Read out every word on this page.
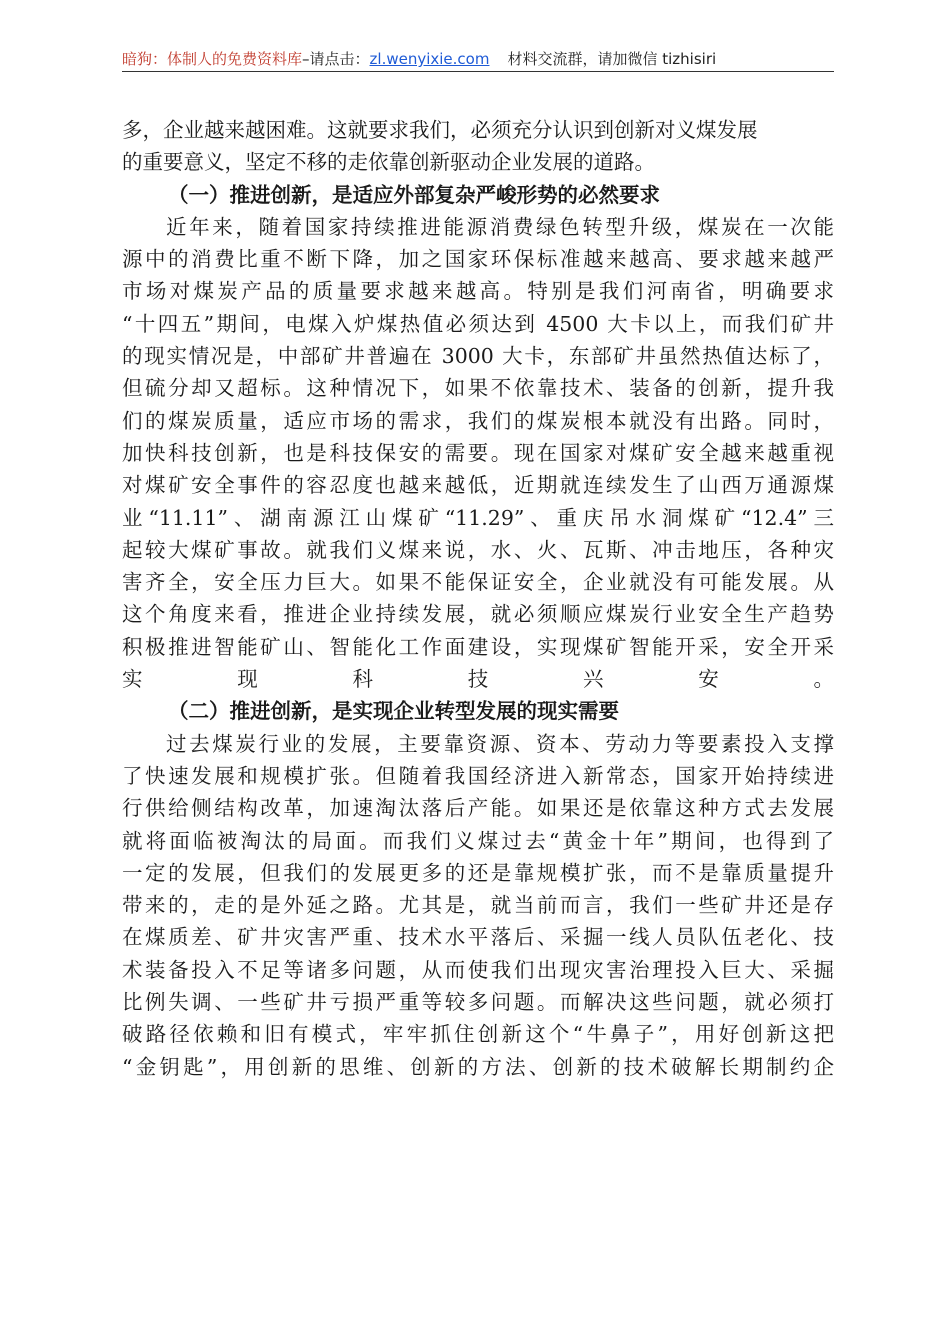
暗狗：体制人的免费资料库–请点击：zl.wenyixie.com 材料交流群，请加微信 tizhisiri
多，企业越来越困难。这就要求我们，必须充分认识到创新对义煤发展
的重要意义，坚定不移的走依靠创新驱动企业发展的道路。
（一）推进创新，是适应外部复杂严峻形势的必然要求
近年来，随着国家持续推进能源消费绿色转型升级，煤炭在一次能
源中的消费比重不断下降，加之国家环保标准越来越高、要求越来越严
市场对煤炭产品的质量要求越来越高。特别是我们河南省，明确要求
“十四五”期间，电煤入炉煤热值必须达到 4500 大卡以上，而我们矿井
的现实情况是，中部矿井普遍在 3000 大卡，东部矿井虽然热值达标了，
但硫分却又超标。这种情况下，如果不依靠技术、装备的创新，提升我
们的煤炭质量，适应市场的需求，我们的煤炭根本就没有出路。同时，
加快科技创新，也是科技保安的需要。现在国家对煤矿安全越来越重视
对煤矿安全事件的容忍度也越来越低，近期就连续发生了山西万通源煤
业“11.11”、湖南源江山煤矿“11.29”、重庆吊水洞煤矿“12.4”三
起较大煤矿事故。就我们义煤来说，水、火、瓦斯、冲击地压，各种灾
害齐全，安全压力巨大。如果不能保证安全，企业就没有可能发展。从
这个角度来看，推进企业持续发展，就必须顺应煤炭行业安全生产趋势
积极推进智能矿山、智能化工作面建设，实现煤矿智能开采，安全开采
实现科技兴安。
（二）推进创新，是实现企业转型发展的现实需要
过去煤炭行业的发展，主要靠资源、资本、劳动力等要素投入支撑
了快速发展和规模扩张。但随着我国经济进入新常态，国家开始持续进
行供给侧结构改革，加速淘汰落后产能。如果还是依靠这种方式去发展
就将面临被淘汰的局面。而我们义煤过去“黄金十年”期间，也得到了
一定的发展，但我们的发展更多的还是靠规模扩张，而不是靠质量提升
带来的，走的是外延之路。尤其是，就当前而言，我们一些矿井还是存
在煤质差、矿井灾害严重、技术水平落后、采掘一线人员队伍老化、技
术装备投入不足等诸多问题，从而使我们出现灾害治理投入巨大、采掘
比例失调、一些矿井亏损严重等较多问题。而解决这些问题，就必须打
破路径依赖和旧有模式，牢牢抓住创新这个“牛鼻子”，用好创新这把
“金钥匙”，用创新的思维、创新的方法、创新的技术破解长期制约企
